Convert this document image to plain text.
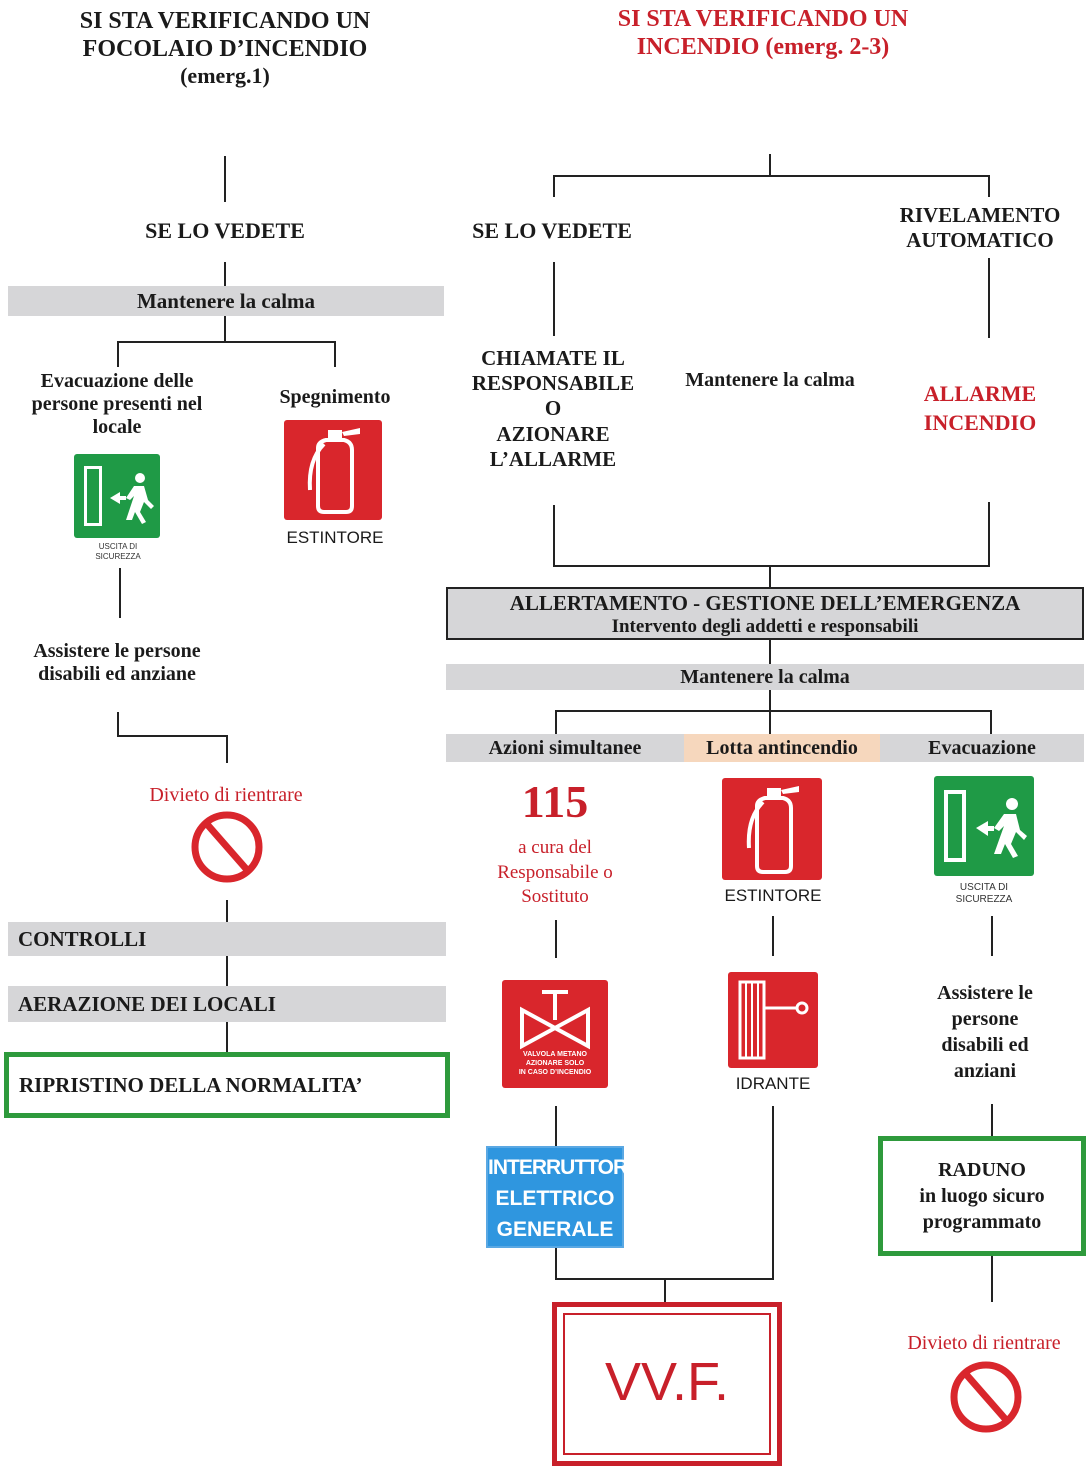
SI STA VERIFICANDO UN
FOCOLAIO D’INCENDIO
(emerg.1)
SE LO VEDETE
Mantenere la calma
Evacuazione delle
persone presenti nel
locale
Spegnimento
USCITA DI
SICUREZZA
ESTINTORE
Assistere le persone
disabili ed anziane
Divieto di rientrare
CONTROLLI
AERAZIONE DEI LOCALI
RIPRISTINO DELLA NORMALITA’
SI STA VERIFICANDO UN
INCENDIO (emerg. 2-3)
SE LO VEDETE
RIVELAMENTO
AUTOMATICO
CHIAMATE IL
RESPONSABILE
O
AZIONARE
L’ALLARME
Mantenere la calma
ALLARME
INCENDIO
ALLERTAMENTO - GESTIONE DELL’EMERGENZA
Intervento degli addetti e responsabili
Mantenere la calma
Azioni simultanee	Lotta antincendio	Evacuazione
115
a cura del
Responsabile o
Sostituto	ESTINTORE	USCITA DI
SICUREZZA
VALVOLA METANO
AZIONARE SOLO
IN CASO D’INCENDIO
IDRANTE
Assistere le
persone
disabili ed
anziani
INTERRUTTORE
ELETTRICO
GENERALE
RADUNO
in luogo sicuro
programmato
VV.F.
Divieto di rientrare
